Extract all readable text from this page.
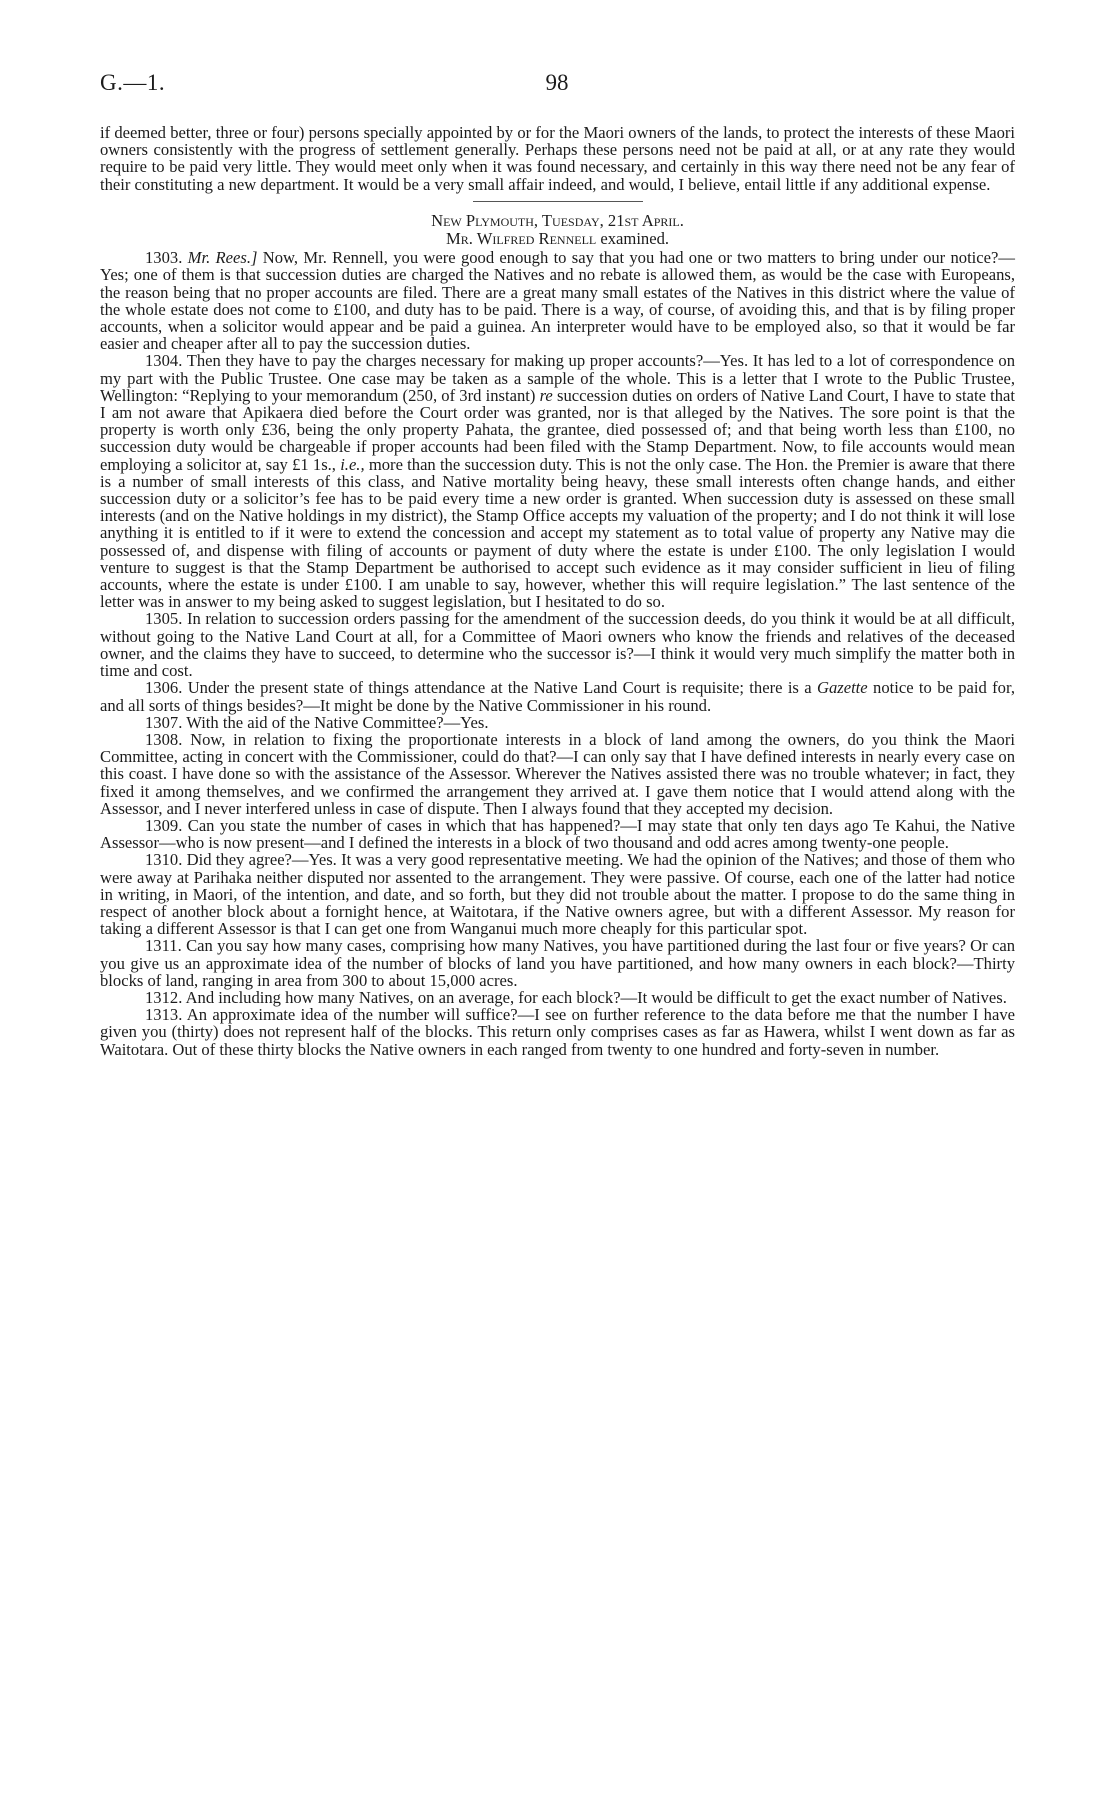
G.—1.	98

if deemed better, three or four) persons specially appointed by or for the Maori owners of the lands, to protect the interests of these Maori owners consistently with the progress of settlement generally. Perhaps these persons need not be paid at all, or at any rate they would require to be paid very little. They would meet only when it was found necessary, and certainly in this way there need not be any fear of their constituting a new department. It would be a very small affair indeed, and would, I believe, entail little if any additional expense.

New Plymouth, Tuesday, 21st April.

Mr. Wilfred Rennell examined.

1303. Mr. Rees.] Now, Mr. Rennell, you were good enough to say that you had one or two matters to bring under our notice?—Yes; one of them is that succession duties are charged the Natives and no rebate is allowed them, as would be the case with Europeans, the reason being that no proper accounts are filed. There are a great many small estates of the Natives in this district where the value of the whole estate does not come to £100, and duty has to be paid. There is a way, of course, of avoiding this, and that is by filing proper accounts, when a solicitor would appear and be paid a guinea. An interpreter would have to be employed also, so that it would be far easier and cheaper after all to pay the succession duties.

1304. Then they have to pay the charges necessary for making up proper accounts?—Yes. It has led to a lot of correspondence on my part with the Public Trustee. One case may be taken as a sample of the whole. This is a letter that I wrote to the Public Trustee, Wellington: “Replying to your memorandum (250, of 3rd instant) re succession duties on orders of Native Land Court, I have to state that I am not aware that Apikaera died before the Court order was granted, nor is that alleged by the Natives. The sore point is that the property is worth only £36, being the only property Pahata, the grantee, died possessed of; and that being worth less than £100, no succession duty would be chargeable if proper accounts had been filed with the Stamp Department. Now, to file accounts would mean employing a solicitor at, say £1 1s., i.e., more than the succession duty. This is not the only case. The Hon. the Premier is aware that there is a number of small interests of this class, and Native mortality being heavy, these small interests often change hands, and either succession duty or a solicitor’s fee has to be paid every time a new order is granted. When succession duty is assessed on these small interests (and on the Native holdings in my district), the Stamp Office accepts my valuation of the property; and I do not think it will lose anything it is entitled to if it were to extend the concession and accept my statement as to total value of property any Native may die possessed of, and dispense with filing of accounts or payment of duty where the estate is under £100. The only legislation I would venture to suggest is that the Stamp Department be authorised to accept such evidence as it may consider sufficient in lieu of filing accounts, where the estate is under £100. I am unable to say, however, whether this will require legislation.” The last sentence of the letter was in answer to my being asked to suggest legislation, but I hesitated to do so.

1305. In relation to succession orders passing for the amendment of the succession deeds, do you think it would be at all difficult, without going to the Native Land Court at all, for a Committee of Maori owners who know the friends and relatives of the deceased owner, and the claims they have to succeed, to determine who the successor is?—I think it would very much simplify the matter both in time and cost.

1306. Under the present state of things attendance at the Native Land Court is requisite; there is a Gazette notice to be paid for, and all sorts of things besides?—It might be done by the Native Commissioner in his round.

1307. With the aid of the Native Committee?—Yes.

1308. Now, in relation to fixing the proportionate interests in a block of land among the owners, do you think the Maori Committee, acting in concert with the Commissioner, could do that?—I can only say that I have defined interests in nearly every case on this coast. I have done so with the assistance of the Assessor. Wherever the Natives assisted there was no trouble whatever; in fact, they fixed it among themselves, and we confirmed the arrangement they arrived at. I gave them notice that I would attend along with the Assessor, and I never interfered unless in case of dispute. Then I always found that they accepted my decision.

1309. Can you state the number of cases in which that has happened?—I may state that only ten days ago Te Kahui, the Native Assessor—who is now present—and I defined the interests in a block of two thousand and odd acres among twenty-one people.

1310. Did they agree?—Yes. It was a very good representative meeting. We had the opinion of the Natives; and those of them who were away at Parihaka neither disputed nor assented to the arrangement. They were passive. Of course, each one of the latter had notice in writing, in Maori, of the intention, and date, and so forth, but they did not trouble about the matter. I propose to do the same thing in respect of another block about a fornight hence, at Waitotara, if the Native owners agree, but with a different Assessor. My reason for taking a different Assessor is that I can get one from Wanganui much more cheaply for this particular spot.

1311. Can you say how many cases, comprising how many Natives, you have partitioned during the last four or five years? Or can you give us an approximate idea of the number of blocks of land you have partitioned, and how many owners in each block?—Thirty blocks of land, ranging in area from 300 to about 15,000 acres.

1312. And including how many Natives, on an average, for each block?—It would be difficult to get the exact number of Natives.

1313. An approximate idea of the number will suffice?—I see on further reference to the data before me that the number I have given you (thirty) does not represent half of the blocks. This return only comprises cases as far as Hawera, whilst I went down as far as Waitotara. Out of these thirty blocks the Native owners in each ranged from twenty to one hundred and forty-seven in number.
